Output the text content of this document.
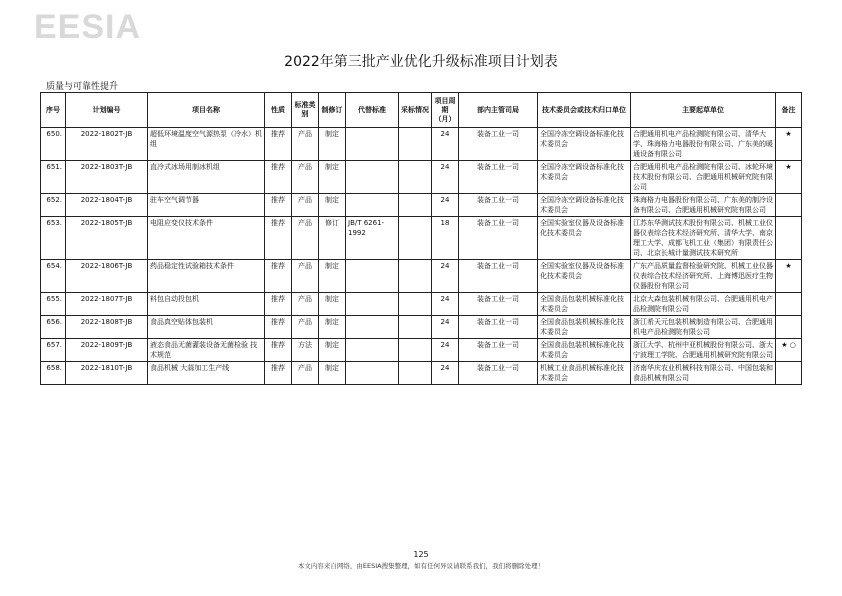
EESIA
2022年第三批产业优化升级标准项目计划表
质量与可靠性提升
序号	计划编号	项目名称	性质	标准类别	制修订	代替标准	采标情况	项目周期（月）	部内主管司局	技术委员会或技术归口单位	主要起草单位	备注
650.	2022-1802T-JB	超低环境温度空气源热泵（冷水）机组	推荐	产品	制定			24	装备工业一司	全国冷冻空调设备标准化技术委员会	合肥通用机电产品检测院有限公司、清华大学、珠海格力电器股份有限公司、广东美的暖通设备有限公司	★
651.	2022-1803T-JB	直冷式冰场用制冰机组	推荐	产品	制定			24	装备工业一司	全国冷冻空调设备标准化技术委员会	合肥通用机电产品检测院有限公司、冰轮环境技术股份有限公司、合肥通用机械研究院有限公司	★
652.	2022-1804T-JB	驻车空气调节器	推荐	产品	制定			24	装备工业一司	全国冷冻空调设备标准化技术委员会	珠海格力电器股份有限公司、广东美的制冷设备有限公司、合肥通用机械研究院有限公司	
653.	2022-1805T-JB	电阻应变仪技术条件	推荐	产品	修订	JB/T 6261-1992		18	装备工业一司	全国实验室仪器及设备标准化技术委员会	江苏东华测试技术股份有限公司、机械工业仪器仪表综合技术经济研究所、清华大学、南京理工大学、成都飞机工业（集团）有限责任公司、北京长城计量测试技术研究所	
654.	2022-1806T-JB	药品稳定性试验箱技术条件	推荐	产品	制定			24	装备工业一司	全国实验室仪器及设备标准化技术委员会	广东产品质量监督检验研究院、机械工业仪器仪表综合技术经济研究所、上海博迅医疗生物仪器股份有限公司	★
655.	2022-1807T-JB	料包自动投包机	推荐	产品	制定			24	装备工业一司	全国食品包装机械标准化技术委员会	北京大森包装机械有限公司、合肥通用机电产品检测院有限公司	
656.	2022-1808T-JB	食品真空贴体包装机	推荐	产品	制定			24	装备工业一司	全国食品包装机械标准化技术委员会	浙江希天元包装机械制造有限公司、合肥通用机电产品检测院有限公司	
657.	2022-1809T-JB	液态食品无菌灌装设备无菌检验 技术规范	推荐	方法	制定			24	装备工业一司	全国食品包装机械标准化技术委员会	浙江大学、杭州中亚机械股份有限公司、浙大宁波理工学院、合肥通用机械研究院有限公司	★ ○
658.	2022-1810T-JB	食品机械 大蒜加工生产线	推荐	产品	制定			24	装备工业一司	机械工业食品机械标准化技术委员会	济南华庆农业机械科技有限公司、中国包装和食品机械有限公司	
125
本文内容来自网络，由EESIA搜集整理，如有任何异议请联系我们，我们将删除处理！
